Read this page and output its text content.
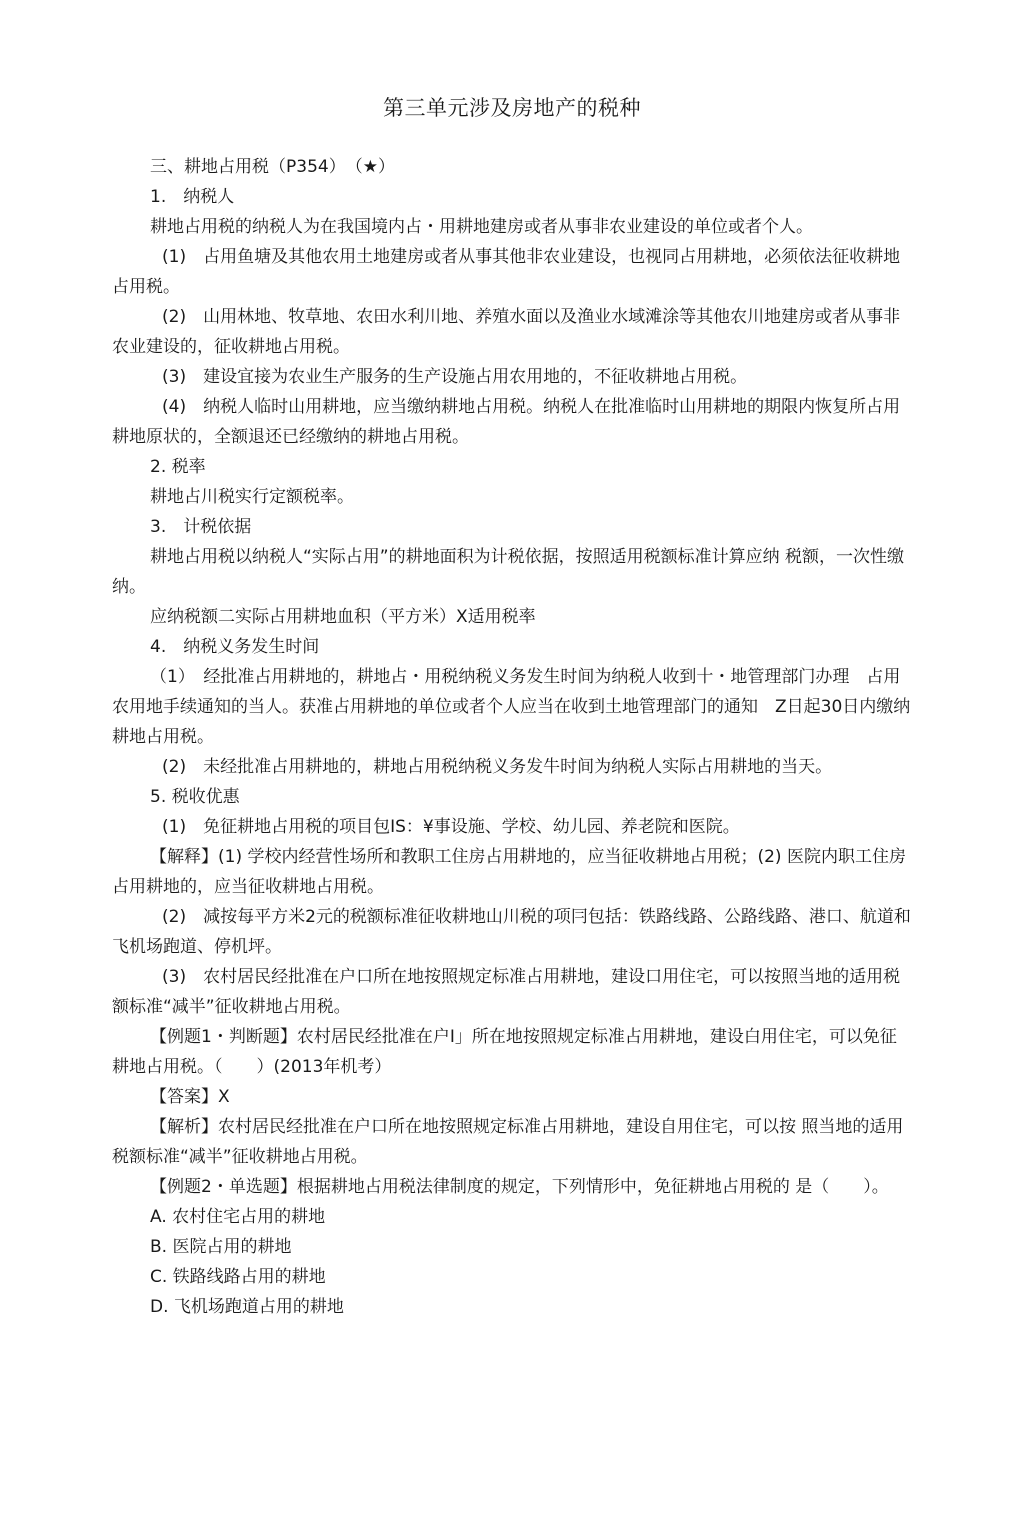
第三单元涉及房地产的税种

三、耕地占用税（P354）　（★）

1.　纳税人

耕地占用税的纳税人为在我国境内占・用耕地建房或者从事非农业建设的单位或者个人。

(1)　占用鱼塘及其他农用土地建房或者从事其他非农业建设，也视同占用耕地，必须依法征收耕地占用税。

(2)　山用林地、牧草地、农田水利川地、养殖水面以及渔业水域滩涂等其他农川地建房或者从事非农业建设的，征收耕地占用税。

(3)　建设宜接为农业生产服务的生产设施占用农用地的，不征收耕地占用税。

(4)　纳税人临时山用耕地，应当缴纳耕地占用税。纳税人在批准临时山用耕地的期限内恢复所占用耕地原状的，全额退还已经缴纳的耕地占用税。

2. 税率

耕地占川税实行定额税率。

3.　计税依据

耕地占用税以纳税人“实际占用”的耕地面积为计税依据，按照适用税额标准计算应纳 税额，一次性缴纳。

应纳税额二实际占用耕地血积（平方米）X适用税率

4.　纳税义务发生时间

（1）　经批准占用耕地的，耕地占・用税纳税义务发生时间为纳税人收到十・地管理部门办理　占用农用地手续通知的当人。获准占用耕地的单位或者个人应当在收到土地管理部门的通知　Z日起30日内缴纳耕地占用税。

(2)　未经批准占用耕地的，耕地占用税纳税义务发牛时间为纳税人实际占用耕地的当天。

5. 税收优惠

(1)　免征耕地占用税的项目包IS：¥事设施、学校、幼儿园、养老院和医院。

【解释】(1) 学校内经营性场所和教职工住房占用耕地的，应当征收耕地占用税；(2) 医院内职工住房占用耕地的，应当征收耕地占用税。

(2)　减按每平方米2元的税额标准征收耕地山川税的项冃包括：铁路线路、公路线路、港口、航道和飞机场跑道、停机坪。

(3)　农村居民经批准在户口所在地按照规定标准占用耕地，建设口用住宅，可以按照当地的适用税额标准“减半”征收耕地占用税。

【例题1・判断题】农村居民经批准在户I」所在地按照规定标准占用耕地，建设白用住宅，可以免征耕地占用税。（　　）(2013年机考）

【答案】X

【解析】农村居民经批准在户口所在地按照规定标准占用耕地，建设自用住宅，可以按 照当地的适用税额标准“减半”征收耕地占用税。

【例题2・单选题】根据耕地占用税法律制度的规定，下列情形中，免征耕地占用税的 是（　　）。

A. 农村住宅占用的耕地

B. 医院占用的耕地

C. 铁路线路占用的耕地

D. 飞机场跑道占用的耕地
